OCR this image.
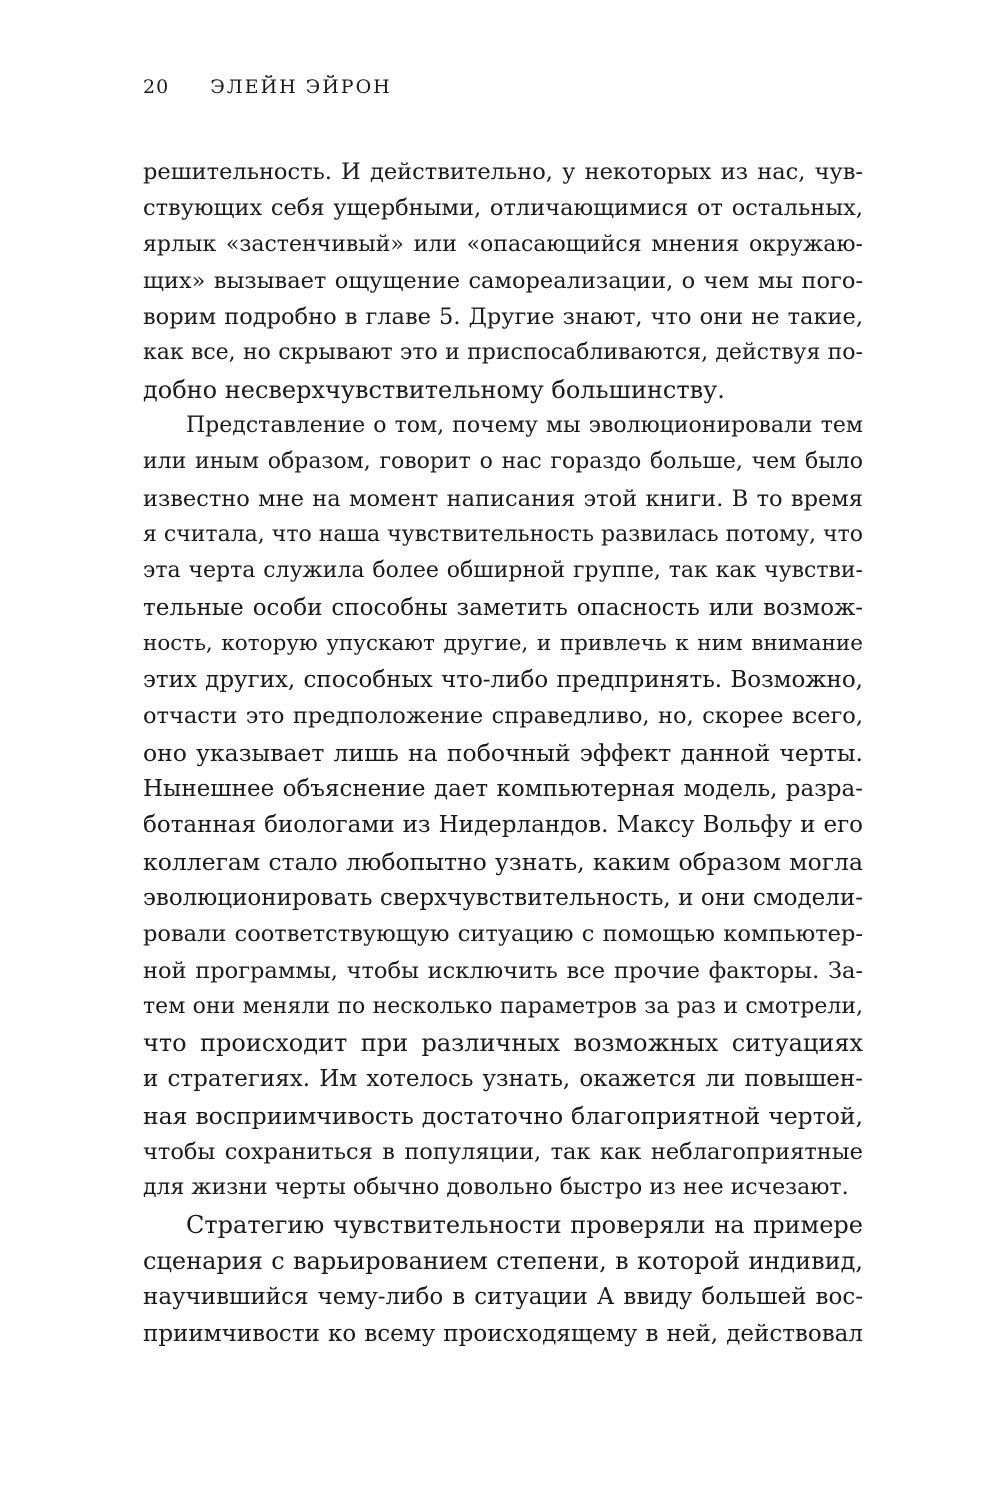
20 ЭЛЕЙН ЭЙРОН
решительность. И действительно, у некоторых из нас, чув-
ствующих себя ущербными, отличающимися от остальных,
ярлык «застенчивый» или «опасающийся мнения окружаю-
щих» вызывает ощущение самореализации, о чем мы пого-
ворим подробно в главе 5. Другие знают, что они не такие,
как все, но скрывают это и приспосабливаются, действуя по-
добно несверхчувствительному большинству.
Представление о том, почему мы эволюционировали тем
или иным образом, говорит о нас гораздо больше, чем было
известно мне на момент написания этой книги. В то время
я считала, что наша чувствительность развилась потому, что
эта черта служила более обширной группе, так как чувстви-
тельные особи способны заметить опасность или возмож-
ность, которую упускают другие, и привлечь к ним внимание
этих других, способных что-либо предпринять. Возможно,
отчасти это предположение справедливо, но, скорее всего,
оно указывает лишь на побочный эффект данной черты.
Нынешнее объяснение дает компьютерная модель, разра-
ботанная биологами из Нидерландов. Максу Вольфу и его
коллегам стало любопытно узнать, каким образом могла
эволюционировать сверхчувствительность, и они смодели-
ровали соответствующую ситуацию с помощью компьютер-
ной программы, чтобы исключить все прочие факторы. За-
тем они меняли по несколько параметров за раз и смотрели,
что происходит при различных возможных ситуациях
и стратегиях. Им хотелось узнать, окажется ли повышен-
ная восприимчивость достаточно благоприятной чертой,
чтобы сохраниться в популяции, так как неблагоприятные
для жизни черты обычно довольно быстро из нее исчезают.
Стратегию чувствительности проверяли на примере
сценария с варьированием степени, в которой индивид,
научившийся чему-либо в ситуации А ввиду большей вос-
приимчивости ко всему происходящему в ней, действовал
